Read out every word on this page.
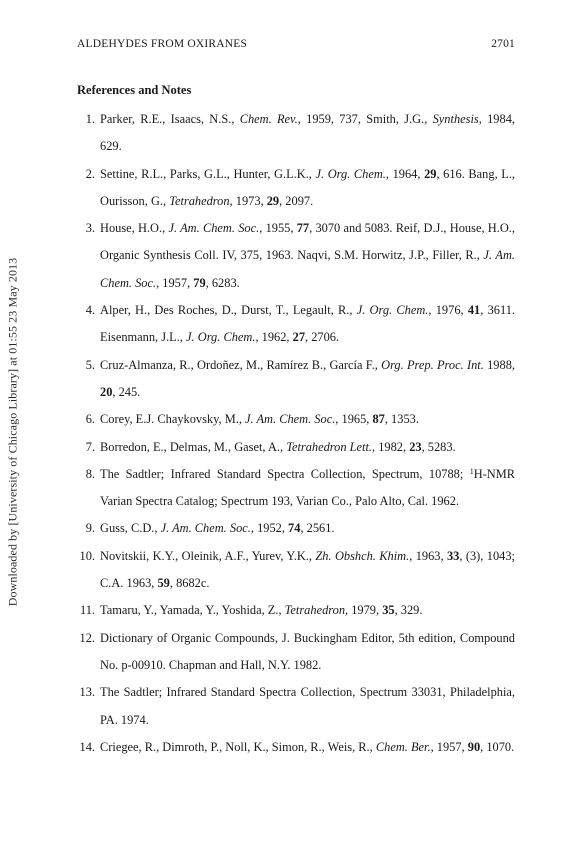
Downloaded by [University of Chicago Library] at 01:55 23 May 2013
ALDEHYDES FROM OXIRANES	2701
References and Notes
1. Parker, R.E., Isaacs, N.S., Chem. Rev., 1959, 737, Smith, J.G., Synthesis, 1984, 629.
2. Settine, R.L., Parks, G.L., Hunter, G.L.K., J. Org. Chem., 1964, 29, 616. Bang, L., Ourisson, G., Tetrahedron, 1973, 29, 2097.
3. House, H.O., J. Am. Chem. Soc., 1955, 77, 3070 and 5083. Reif, D.J., House, H.O., Organic Synthesis Coll. IV, 375, 1963. Naqvi, S.M. Horwitz, J.P., Filler, R., J. Am. Chem. Soc., 1957, 79, 6283.
4. Alper, H., Des Roches, D., Durst, T., Legault, R., J. Org. Chem., 1976, 41, 3611. Eisenmann, J.L., J. Org. Chem., 1962, 27, 2706.
5. Cruz-Almanza, R., Ordoñez, M., Ramírez B., García F., Org. Prep. Proc. Int. 1988, 20, 245.
6. Corey, E.J. Chaykovsky, M., J. Am. Chem. Soc., 1965, 87, 1353.
7. Borredon, E., Delmas, M., Gaset, A., Tetrahedron Lett., 1982, 23, 5283.
8. The Sadtler; Infrared Standard Spectra Collection, Spectrum, 10788; $^1$H-NMR Varian Spectra Catalog; Spectrum 193, Varian Co., Palo Alto, Cal. 1962.
9. Guss, C.D., J. Am. Chem. Soc., 1952, 74, 2561.
10. Novitskii, K.Y., Oleinik, A.F., Yurev, Y.K., Zh. Obshch. Khim., 1963, 33, (3), 1043; C.A. 1963, 59, 8682c.
11. Tamaru, Y., Yamada, Y., Yoshida, Z., Tetrahedron, 1979, 35, 329.
12. Dictionary of Organic Compounds, J. Buckingham Editor, 5th edition, Compound No. p-00910. Chapman and Hall, N.Y. 1982.
13. The Sadtler; Infrared Standard Spectra Collection, Spectrum 33031, Philadelphia, PA. 1974.
14. Criegee, R., Dimroth, P., Noll, K., Simon, R., Weis, R., Chem. Ber., 1957, 90, 1070.
